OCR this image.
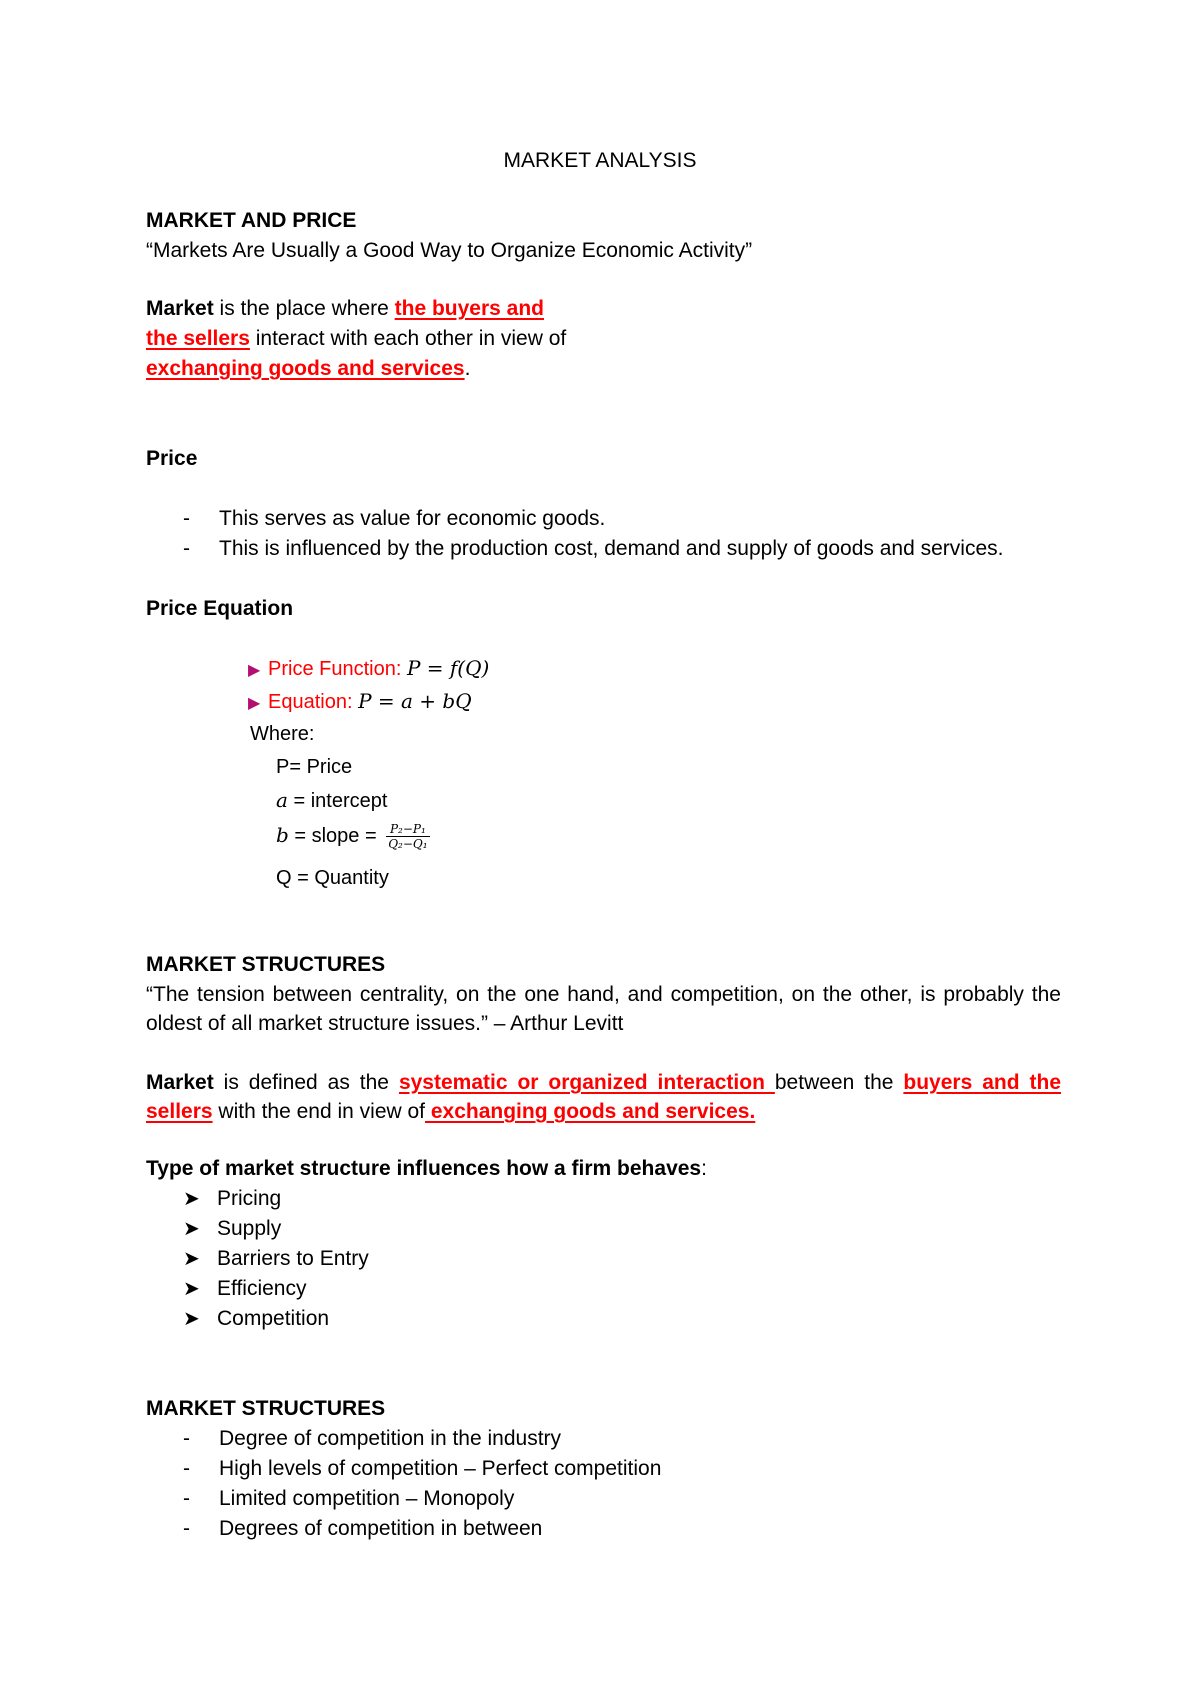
MARKET ANALYSIS
MARKET AND PRICE
“Markets Are Usually a Good Way to Organize Economic Activity”
Market is the place where the buyers and
the sellers interact with each other in view of
exchanging goods and services.
Price
- This serves as value for economic goods.
- This is influenced by the production cost, demand and supply of goods and services.
Price Equation
▶ Price Function: P = f(Q)
▶ Equation: P = a + bQ
Where:
P= Price
a = intercept
b = slope = $\frac{\text{P₂−P₁}}{\text{Q₂−Q₁}}$
Q = Quantity
MARKET STRUCTURES
“The tension between centrality, on the one hand, and competition, on the other, is probably the oldest of all market structure issues.” – Arthur Levitt
Market is defined as the systematic or organized interaction between the buyers and the sellers with the end in view of exchanging goods and services.
Type of market structure influences how a firm behaves:
➤ Pricing
➤ Supply
➤ Barriers to Entry
➤ Efficiency
➤ Competition
MARKET STRUCTURES
- Degree of competition in the industry
- High levels of competition – Perfect competition
- Limited competition – Monopoly
- Degrees of competition in between
